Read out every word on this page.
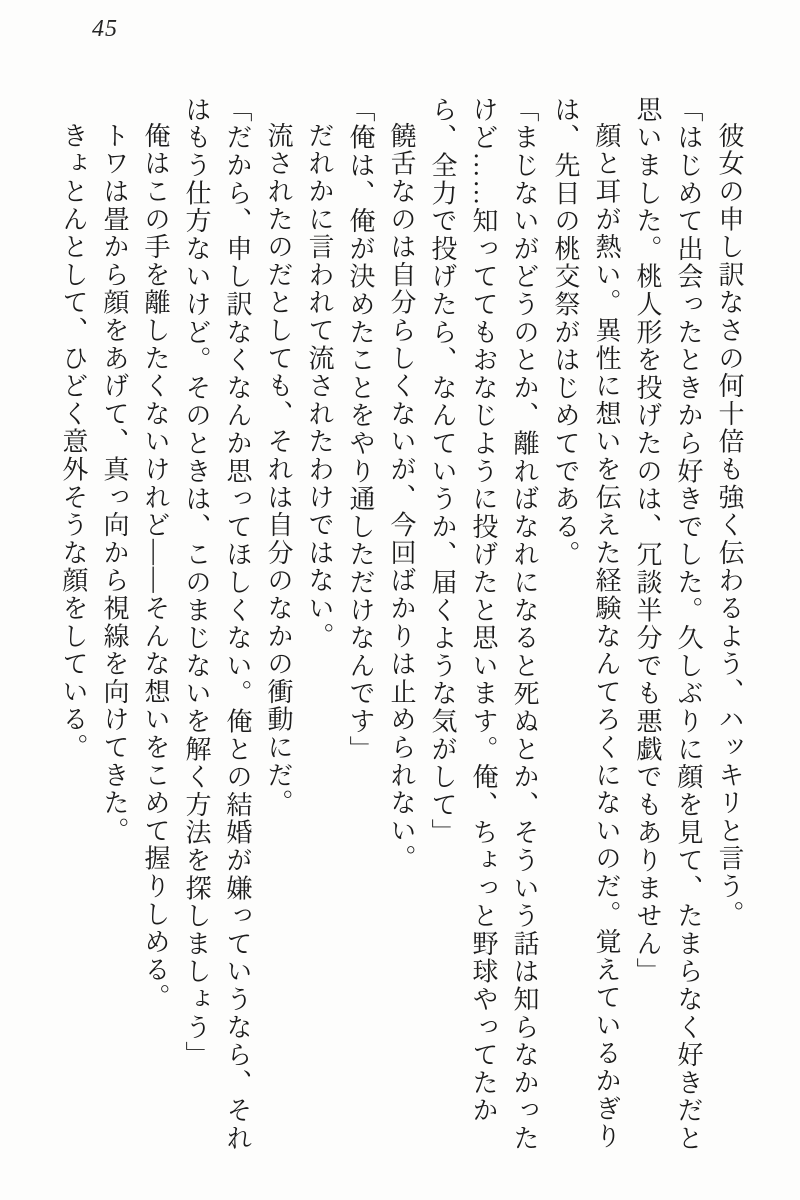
45

彼女の申し訳なさの何十倍も強く伝わるよう、ハッキリと言う。

「はじめて出会ったときから好きでした。久しぶりに顔を見て、たまらなく好きだと思いました。桃人形を投げたのは、冗談半分でも悪戯でもありません」

顔と耳が熱い。異性に想いを伝えた経験なんてろくにないのだ。覚えているかぎりは、先日の桃交祭がはじめてである。

「まじないがどうのとか、離ればなれになると死ぬとか、そういう話は知らなかったけど……知っててもおなじように投げたと思います。俺、ちょっと野球やってたから、全力で投げたら、なんていうか、届くような気がして」

饒舌なのは自分らしくないが、今回ばかりは止められない。

「俺は、俺が決めたことをやり通しただけなんです」

だれかに言われて流されたわけではない。

流されたのだとしても、それは自分のなかの衝動にだ。

「だから、申し訳なくなんか思ってほしくない。俺との結婚が嫌っていうなら、それはもう仕方ないけど。そのときは、このまじないを解く方法を探しましょう」

俺はこの手を離したくないけれど――そんな想いをこめて握りしめる。

トワは畳から顔をあげて、真っ向から視線を向けてきた。

きょとんとして、ひどく意外そうな顔をしている。
